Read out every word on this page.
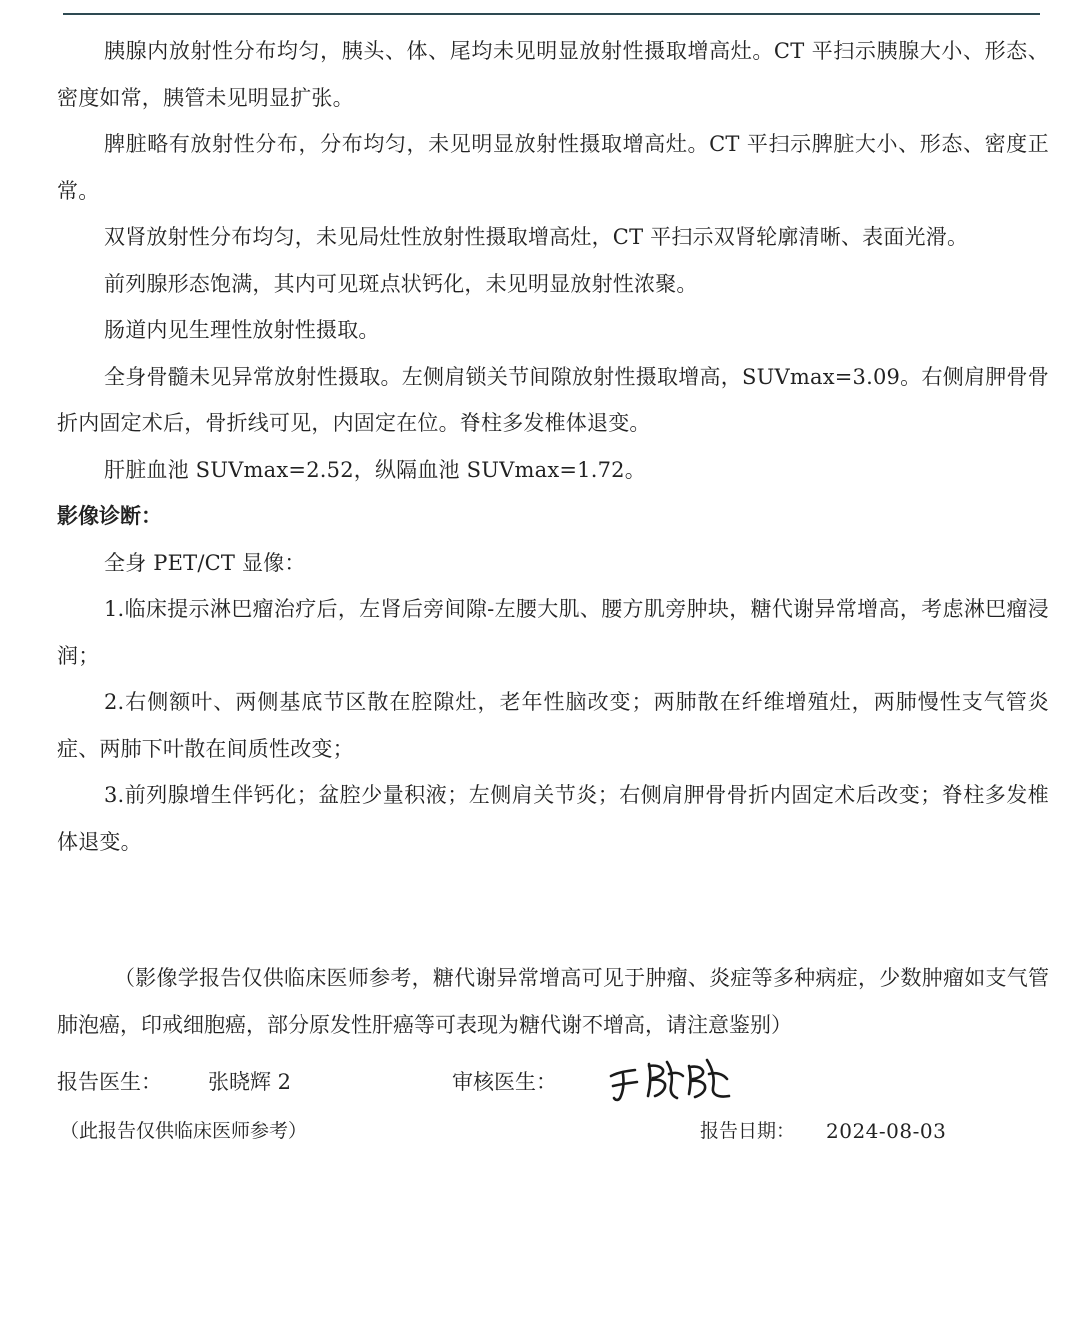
胰腺内放射性分布均匀，胰头、体、尾均未见明显放射性摄取增高灶。CT 平扫示胰腺大小、形态、密度如常，胰管未见明显扩张。

脾脏略有放射性分布，分布均匀，未见明显放射性摄取增高灶。CT 平扫示脾脏大小、形态、密度正常。

双肾放射性分布均匀，未见局灶性放射性摄取增高灶，CT 平扫示双肾轮廓清晰、表面光滑。

前列腺形态饱满，其内可见斑点状钙化，未见明显放射性浓聚。

肠道内见生理性放射性摄取。

全身骨髓未见异常放射性摄取。左侧肩锁关节间隙放射性摄取增高，SUVmax=3.09。右侧肩胛骨骨折内固定术后，骨折线可见，内固定在位。脊柱多发椎体退变。

肝脏血池 SUVmax=2.52，纵隔血池 SUVmax=1.72。

影像诊断：

全身 PET/CT 显像：

1.临床提示淋巴瘤治疗后，左肾后旁间隙-左腰大肌、腰方肌旁肿块，糖代谢异常增高，考虑淋巴瘤浸润；

2.右侧额叶、两侧基底节区散在腔隙灶，老年性脑改变；两肺散在纤维增殖灶，两肺慢性支气管炎症、两肺下叶散在间质性改变；

3.前列腺增生伴钙化；盆腔少量积液；左侧肩关节炎；右侧肩胛骨骨折内固定术后改变；脊柱多发椎体退变。

（影像学报告仅供临床医师参考，糖代谢异常增高可见于肿瘤、炎症等多种病症，少数肿瘤如支气管肺泡癌，印戒细胞癌，部分原发性肝癌等可表现为糖代谢不增高，请注意鉴别）

报告医生： 张晓辉 2	审核医生：
（此报告仅供临床医师参考）	报告日期： 2024-08-03
